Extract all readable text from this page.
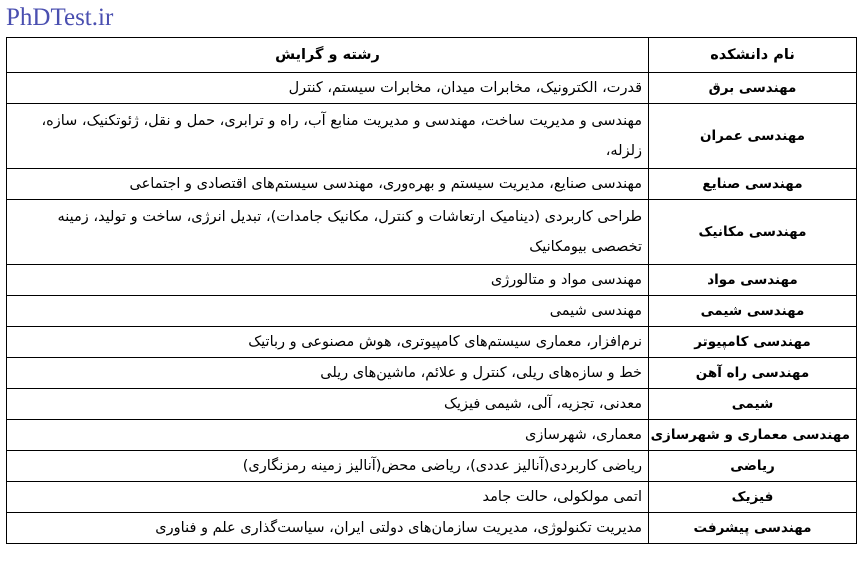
PhDTest.ir
نام دانشکده	رشته و گرایش
مهندسی برق	قدرت، الکترونیک، مخابرات میدان، مخابرات سیستم، کنترل
مهندسی عمران	مهندسی و مدیریت ساخت، مهندسی و مدیریت منابع آب، راه و ترابری، حمل و نقل، ژئوتکنیک، سازه، زلزله،
مهندسی صنایع	مهندسی صنایع، مدیریت سیستم و بهره‌وری، مهندسی سیستم‌های اقتصادی و اجتماعی
مهندسی مکانیک	طراحی کاربردی (دینامیک ارتعاشات و کنترل، مکانیک جامدات)، تبدیل انرژی، ساخت و تولید، زمینه تخصصی بیومکانیک
مهندسی مواد	مهندسی مواد و متالورژی
مهندسی شیمی	مهندسی شیمی
مهندسی کامپیوتر	نرم‌افزار، معماری سیستم‌های کامپیوتری، هوش مصنوعی و رباتیک
مهندسی راه آهن	خط و سازه‌های ریلی، کنترل و علائم، ماشین‌های ریلی
شیمی	معدنی، تجزیه، آلی، شیمی فیزیک
مهندسی معماری و شهرسازی	معماری، شهرسازی
ریاضی	ریاضی کاربردی(آنالیز عددی)، ریاضی محض(آنالیز زمینه رمزنگاری)
فیزیک	اتمی مولکولی، حالت جامد
مهندسی پیشرفت	مدیریت تکنولوژی، مدیریت سازمان‌های دولتی ایران، سیاست‌گذاری علم و فناوری
